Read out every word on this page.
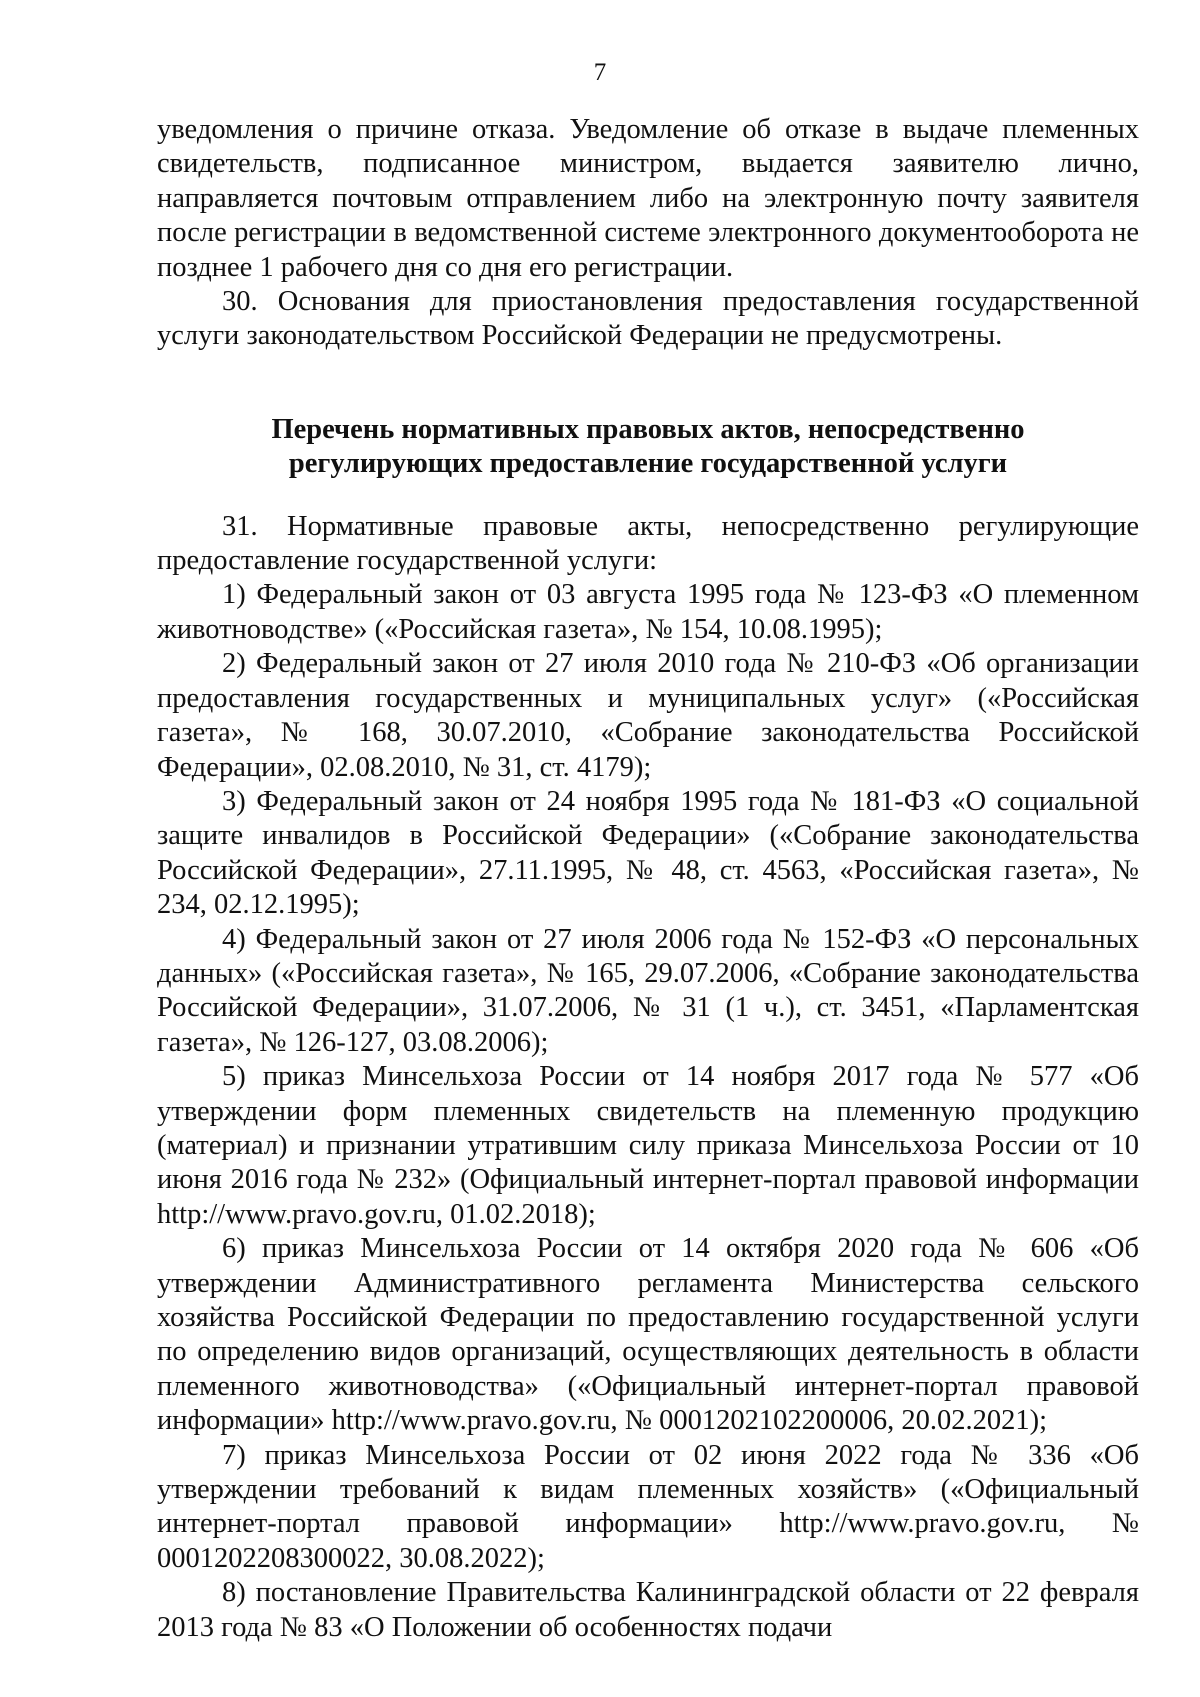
7

уведомления о причине отказа. Уведомление об отказе в выдаче племенных свидетельств, подписанное министром, выдается заявителю лично, направляется почтовым отправлением либо на электронную почту заявителя после регистрации в ведомственной системе электронного документооборота не позднее 1 рабочего дня со дня его регистрации.

30. Основания для приостановления предоставления государственной услуги законодательством Российской Федерации не предусмотрены.

Перечень нормативных правовых актов, непосредственно
регулирующих предоставление государственной услуги

31. Нормативные правовые акты, непосредственно регулирующие предоставление государственной услуги:

1) Федеральный закон от 03 августа 1995 года № 123-ФЗ «О племенном животноводстве» («Российская газета», № 154, 10.08.1995);

2) Федеральный закон от 27 июля 2010 года № 210-ФЗ «Об организации предоставления государственных и муниципальных услуг» («Российская газета», № 168, 30.07.2010, «Собрание законодательства Российской Федерации», 02.08.2010, № 31, ст. 4179);

3) Федеральный закон от 24 ноября 1995 года № 181-ФЗ «О социальной защите инвалидов в Российской Федерации» («Собрание законодательства Российской Федерации», 27.11.1995, № 48, ст. 4563, «Российская газета», № 234, 02.12.1995);

4) Федеральный закон от 27 июля 2006 года № 152-ФЗ «О персональных данных» («Российская газета», № 165, 29.07.2006, «Собрание законодательства Российской Федерации», 31.07.2006, № 31 (1 ч.), ст. 3451, «Парламентская газета», № 126-127, 03.08.2006);

5) приказ Минсельхоза России от 14 ноября 2017 года № 577 «Об утверждении форм племенных свидетельств на племенную продукцию (материал) и признании утратившим силу приказа Минсельхоза России от 10 июня 2016 года № 232» (Официальный интернет-портал правовой информации http://www.pravo.gov.ru, 01.02.2018);

6) приказ Минсельхоза России от 14 октября 2020 года № 606 «Об утверждении Административного регламента Министерства сельского хозяйства Российской Федерации по предоставлению государственной услуги по определению видов организаций, осуществляющих деятельность в области племенного животноводства» («Официальный интернет-портал правовой информации» http://www.pravo.gov.ru, № 0001202102200006, 20.02.2021);

7) приказ Минсельхоза России от 02 июня 2022 года № 336 «Об утверждении требований к видам племенных хозяйств» («Официальный интернет-портал правовой информации» http://www.pravo.gov.ru, № 0001202208300022, 30.08.2022);

8) постановление Правительства Калининградской области от 22 февраля 2013 года № 83 «О Положении об особенностях подачи
